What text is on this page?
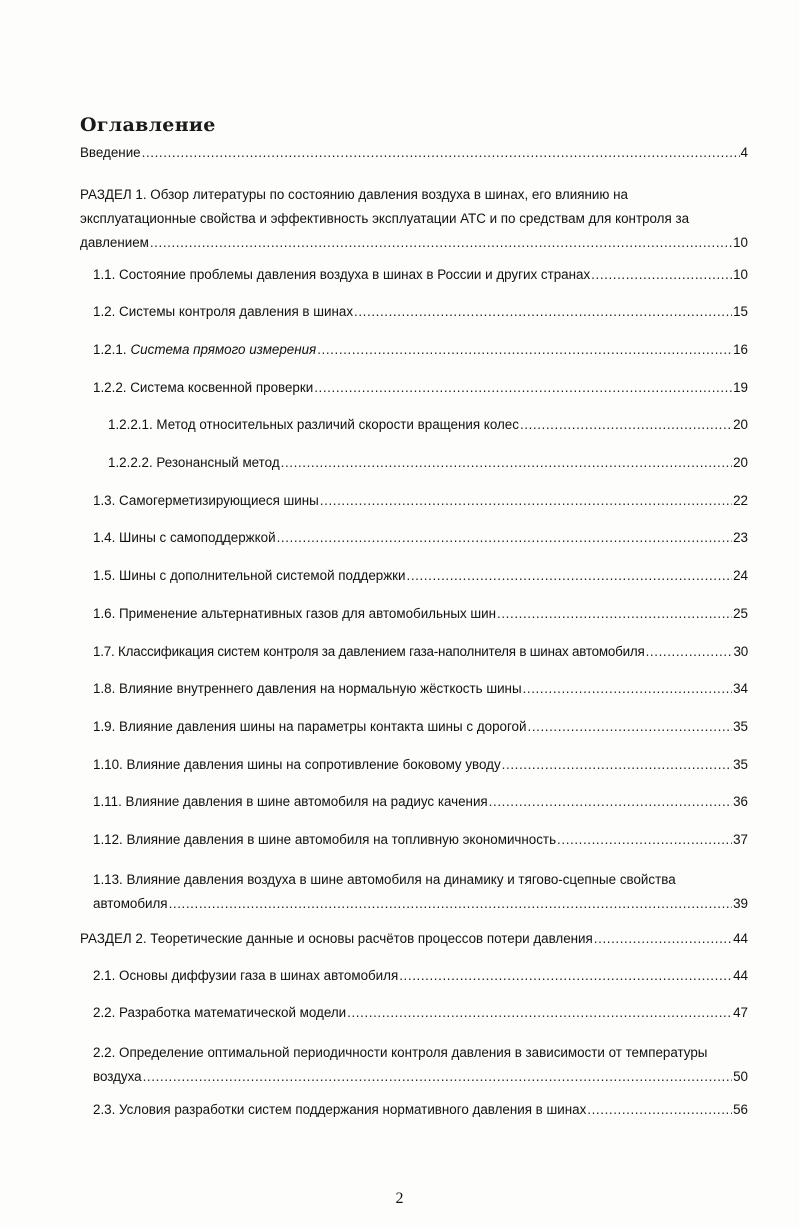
Оглавление
Введение .....	4
РАЗДЕЛ 1. Обзор литературы по состоянию давления воздуха в шинах, его влиянию на
эксплуатационные свойства и эффективность эксплуатации АТС и по средствам для контроля за
давлением .....	10
1.1. Состояние проблемы давления воздуха в шинах в России и других странах .....	10
1.2. Системы контроля давления в шинах .....	15
1.2.1. Система прямого измерения .....	16
1.2.2. Система косвенной проверки .....	19
1.2.2.1. Метод относительных различий скорости вращения колес .....	20
1.2.2.2. Резонансный метод .....	20
1.3. Самогерметизирующиеся шины .....	22
1.4. Шины с самоподдержкой .....	23
1.5. Шины с дополнительной системой поддержки .....	24
1.6. Применение альтернативных газов для автомобильных шин .....	25
1.7. Классификация систем контроля за давлением газа-наполнителя в шинах автомобиля .....	30
1.8. Влияние внутреннего давления на нормальную жёсткость шины .....	34
1.9. Влияние давления шины на параметры контакта шины с дорогой .....	35
1.10. Влияние давления шины на сопротивление боковому уводу .....	35
1.11. Влияние давления в шине автомобиля на радиус качения .....	36
1.12. Влияние давления в шине автомобиля на топливную экономичность .....	37
1.13. Влияние давления воздуха в шине автомобиля на динамику и тягово-сцепные свойства
автомобиля .....	39
РАЗДЕЛ 2. Теоретические данные и основы расчётов процессов потери давления .....	44
2.1. Основы диффузии газа в шинах автомобиля .....	44
2.2. Разработка математической модели .....	47
2.2. Определение оптимальной периодичности контроля давления в зависимости от температуры
воздуха .....	50
2.3. Условия разработки систем поддержания нормативного давления в шинах .....	56
2
